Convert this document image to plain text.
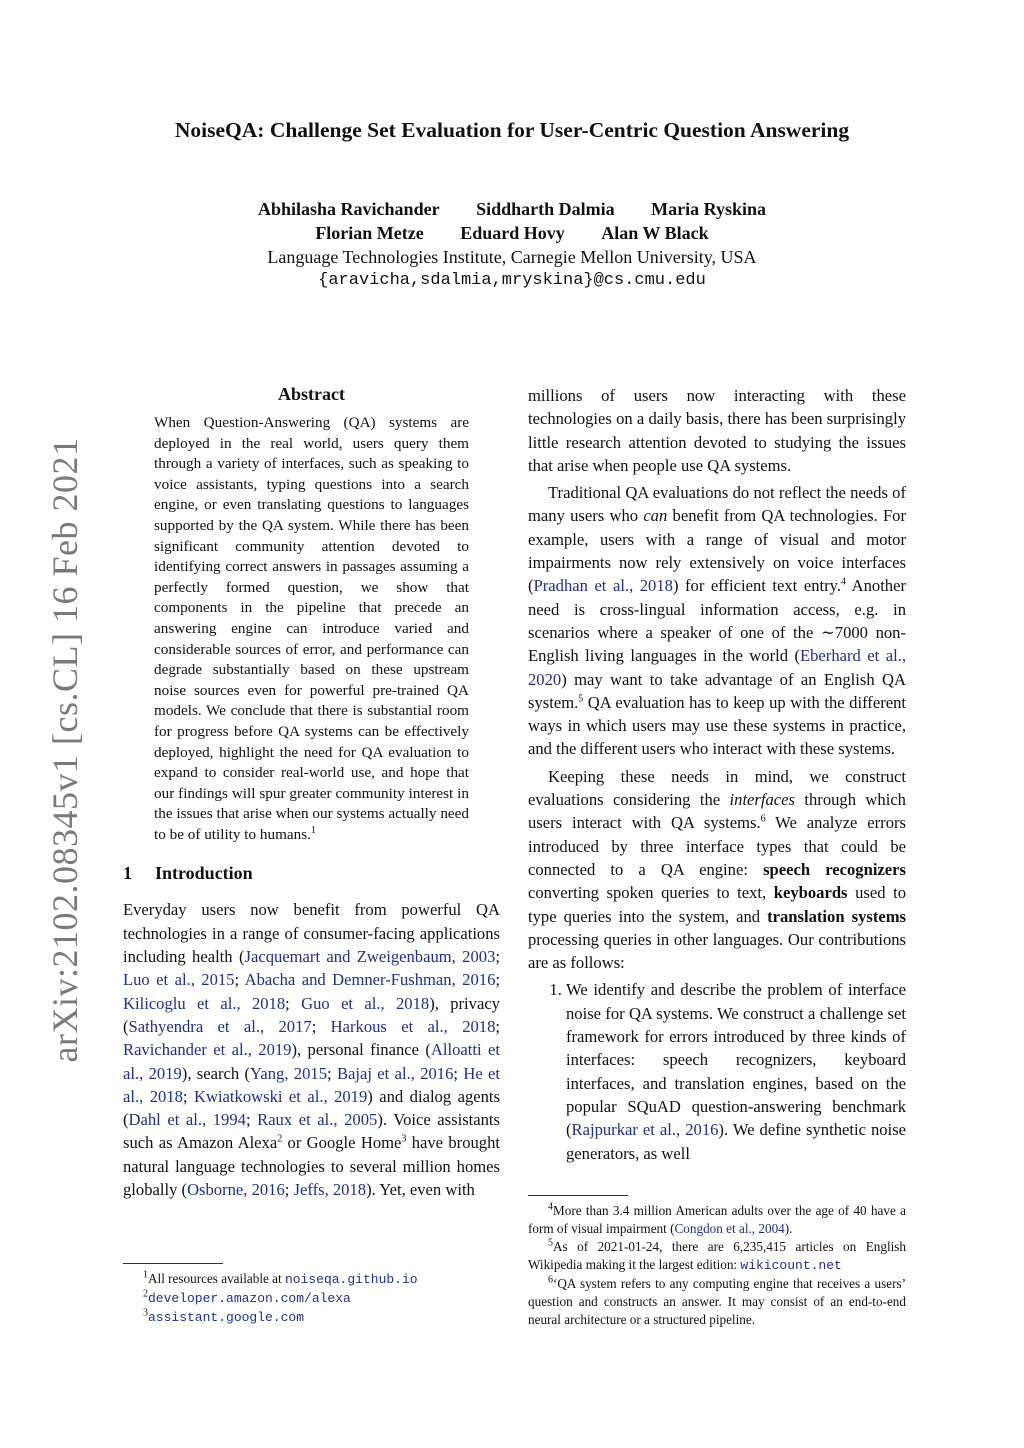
arXiv:2102.08345v1 [cs.CL] 16 Feb 2021
NoiseQA: Challenge Set Evaluation for User-Centric Question Answering
Abhilasha Ravichander Siddharth Dalmia Maria Ryskina
Florian Metze Eduard Hovy Alan W Black
Language Technologies Institute, Carnegie Mellon University, USA
{aravicha,sdalmia,mryskina}@cs.cmu.edu
Abstract
When Question-Answering (QA) systems are deployed in the real world, users query them through a variety of interfaces, such as speaking to voice assistants, typing questions into a search engine, or even translating questions to languages supported by the QA system. While there has been significant community attention devoted to identifying correct answers in passages assuming a perfectly formed question, we show that components in the pipeline that precede an answering engine can introduce varied and considerable sources of error, and performance can degrade substantially based on these upstream noise sources even for powerful pre-trained QA models. We conclude that there is substantial room for progress before QA systems can be effectively deployed, highlight the need for QA evaluation to expand to consider real-world use, and hope that our findings will spur greater community interest in the issues that arise when our systems actually need to be of utility to humans.$^1$
1 Introduction

Everyday users now benefit from powerful QA technologies in a range of consumer-facing applications including health (Jacquemart and Zweigenbaum, 2003; Luo et al., 2015; Abacha and Demner-Fushman, 2016; Kilicoglu et al., 2018; Guo et al., 2018), privacy (Sathyendra et al., 2017; Harkous et al., 2018; Ravichander et al., 2019), personal finance (Alloatti et al., 2019), search (Yang, 2015; Bajaj et al., 2016; He et al., 2018; Kwiatkowski et al., 2019) and dialog agents (Dahl et al., 1994; Raux et al., 2005). Voice assistants such as Amazon Alexa$^2$ or Google Home$^3$ have brought natural language technologies to several million homes globally (Osborne, 2016; Jeffs, 2018). Yet, even with

$^1$All resources available at noiseqa.github.io
$^2$developer.amazon.com/alexa
$^3$assistant.google.com

millions of users now interacting with these technologies on a daily basis, there has been surprisingly little research attention devoted to studying the issues that arise when people use QA systems.

Traditional QA evaluations do not reflect the needs of many users who can benefit from QA technologies. For example, users with a range of visual and motor impairments now rely extensively on voice interfaces (Pradhan et al., 2018) for efficient text entry.$^4$ Another need is cross-lingual information access, e.g. in scenarios where a speaker of one of the ∼7000 non-English living languages in the world (Eberhard et al., 2020) may want to take advantage of an English QA system.$^5$ QA evaluation has to keep up with the different ways in which users may use these systems in practice, and the different users who interact with these systems.

Keeping these needs in mind, we construct evaluations considering the interfaces through which users interact with QA systems.$^6$ We analyze errors introduced by three interface types that could be connected to a QA engine: speech recognizers converting spoken queries to text, keyboards used to type queries into the system, and translation systems processing queries in other languages. Our contributions are as follows:

1. We identify and describe the problem of interface noise for QA systems. We construct a challenge set framework for errors introduced by three kinds of interfaces: speech recognizers, keyboard interfaces, and translation engines, based on the popular SQuAD question-answering benchmark (Rajpurkar et al., 2016). We define synthetic noise generators, as well
$^4$More than 3.4 million American adults over the age of 40 have a form of visual impairment (Congdon et al., 2004).
$^5$As of 2021-01-24, there are 6,235,415 articles on English Wikipedia making it the largest edition: wikicount.net
$^6$‘QA system refers to any computing engine that receives a users’ question and constructs an answer. It may consist of an end-to-end neural architecture or a structured pipeline.
